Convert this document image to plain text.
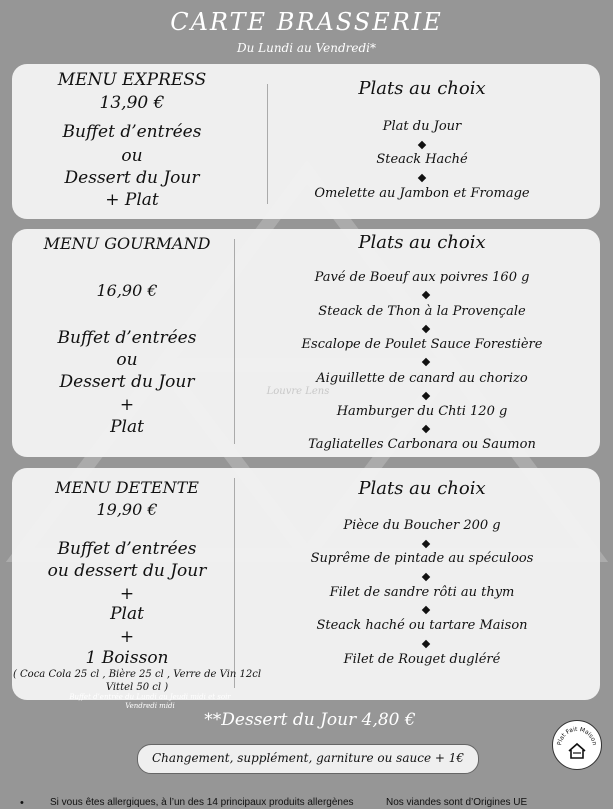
CARTE BRASSERIE
Du Lundi au Vendredi*
MENU EXPRESS
13,90 €
Buffet d’entrées
ou
Dessert du Jour
+ Plat
Plats au choix
Plat du Jour
Steack Haché
Omelette au Jambon et Fromage
MENU GOURMAND
16,90 €
Buffet d’entrées
ou
Dessert du Jour
+
Plat
Louvre Lens
Plats au choix
Pavé de Boeuf aux poivres 160 g
Steack de Thon à la Provençale
Escalope de Poulet Sauce Forestière
Aiguillette de canard au chorizo
Hamburger du Chti 120 g
Tagliatelles Carbonara ou Saumon
MENU DETENTE
19,90 €
Buffet d’entrées
ou dessert du Jour
+
Plat
+
1 Boisson
( Coca Cola 25 cl , Bière 25 cl , Verre de Vin 12cl
Vittel 50 cl )
Plats au choix
Pièce du Boucher 200 g
Suprême de pintade au spéculoos
Filet de sandre rôti au thym
Steack haché ou tartare Maison
Filet de Rouget dugléré
Buffet d’entrée du Lundi au Jeudi midi et soir
Vendredi midi
**Dessert du Jour 4,80 €
Changement, supplément, garniture ou sauce + 1€
Plat Fait Maison
•	Si vous êtes allergiques, à l’un des 14 principaux produits allergènes	Nos viandes sont d’Origines UE
